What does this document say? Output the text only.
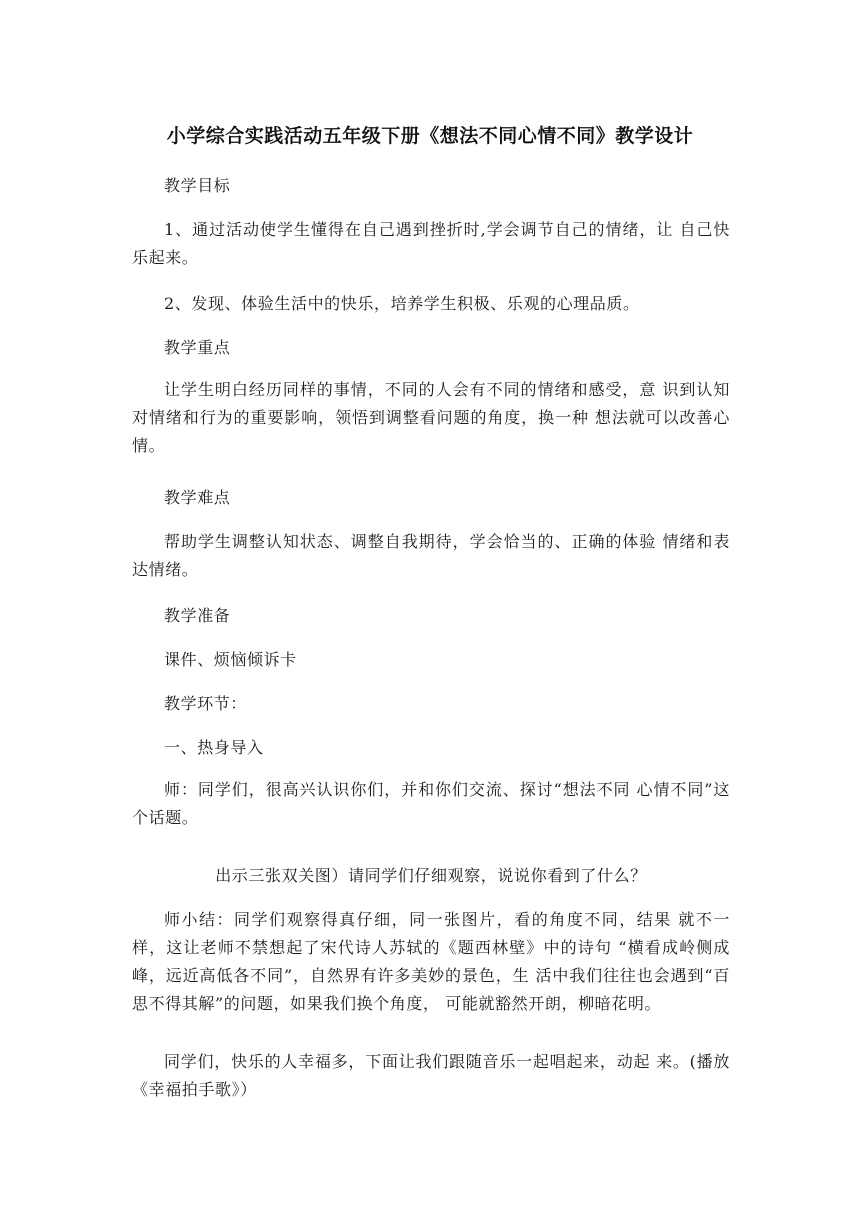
小学综合实践活动五年级下册《想法不同心情不同》教学设计
教学目标
1、通过活动使学生懂得在自己遇到挫折时,学会调节自己的情绪，让 自己快乐起来。
2、发现、体验生活中的快乐，培养学生积极、乐观的心理品质。
教学重点
让学生明白经历同样的事情，不同的人会有不同的情绪和感受，意 识到认知对情绪和行为的重要影响，领悟到调整看问题的角度，换一种 想法就可以改善心情。
教学难点
帮助学生调整认知状态、调整自我期待，学会恰当的、正确的体验 情绪和表达情绪。
教学准备
课件、烦恼倾诉卡
教学环节：
一、热身导入
师：同学们，很高兴认识你们，并和你们交流、探讨“想法不同 心情不同”这个话题。
出示三张双关图）请同学们仔细观察，说说你看到了什么？
师小结：同学们观察得真仔细，同一张图片，看的角度不同，结果 就不一样，这让老师不禁想起了宋代诗人苏轼的《题西林壁》中的诗句 “横看成岭侧成峰，远近高低各不同”，自然界有许多美妙的景色，生 活中我们往往也会遇到“百思不得其解”的问题，如果我们换个角度， 可能就豁然开朗，柳暗花明。
同学们，快乐的人幸福多，下面让我们跟随音乐一起唱起来，动起 来。(播放《幸福拍手歌》）
